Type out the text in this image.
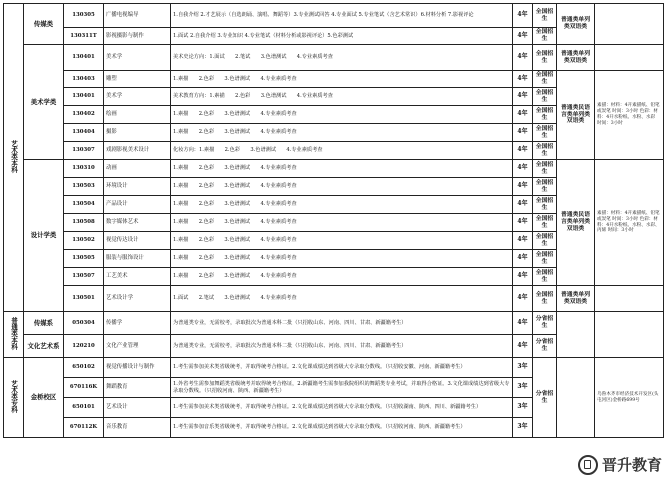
艺术类本科	传媒类	130305	广播电视编导	1.自我介绍 2.才艺展示（自选朗诵、演唱、舞蹈等）3.专业测试回答 4.专业面试 5.专业笔试（含艺术常识）6.材料分析 7.影视评论	4年	全国招生	普通类单列类双语类	
		130311T	影视摄影与制作	1.面试 2.自我介绍 3.专业知识 4.专业笔试（材料分析或影视评论）5.色彩测试	4年	全国招生		
	美术学类	130401	美术学	美术史论方向：1.面试　　2.笔试　　3.色谱测试　　4.专业素质考查	4年	全国招生	普通类单列类双语类	
		130403	雕塑	1.素描　　2.色彩　　3.色谱测试　　4.专业素质考查	4年	全国招生	普通类民语言类单列类双语类	素描：材料：4开素描纸、铅笔或炭笔 时间：3小时 色彩：材料：4开水粉纸、水粉、水彩 时间：3小时
		130401	美术学	美术教育方向：1.素描　　2.色彩　　3.色谱测试　　4.专业素质考查	4年	全国招生		
		130402	绘画	1.素描　　2.色彩　　3.色谱测试　　4.专业素质考查	4年	全国招生		
		130404	摄影	1.素描　　2.色彩　　3.色谱测试　　4.专业素质考查	4年	全国招生		
		130307	戏剧影视美术设计	化妆方向：1.素描　　2.色彩　　3.色谱测试　　4.专业素质考查	4年	全国招生		
	设计学类	130310	动画	1.素描　　2.色彩　　3.色谱测试　　4.专业素质考查	4年	全国招生	普通类民语言类单列类双语类	素描：材料：4开素描纸、铅笔或炭笔 时间：3小时 色彩：材料：4开水粉纸、水粉、水彩、丙烯 时间：3小时
		130503	环境设计	1.素描　　2.色彩　　3.色谱测试　　4.专业素质考查	4年	全国招生		
		130504	产品设计	1.素描　　2.色彩　　3.色谱测试　　4.专业素质考查	4年	全国招生		
		130508	数字媒体艺术	1.素描　　2.色彩　　3.色谱测试　　4.专业素质考查	4年	全国招生		
		130502	视觉传达设计	1.素描　　2.色彩　　3.色谱测试　　4.专业素质考查	4年	全国招生		
		130505	服装与服饰设计	1.素描　　2.色彩　　3.色谱测试　　4.专业素质考查	4年	全国招生		
		130507	工艺美术	1.素描　　2.色彩　　3.色谱测试　　4.专业素质考查	4年	全国招生		
		130501	艺术设计学	1.面试　　2.笔试　　3.色谱测试　　4.专业素质考查	4年	全国招生	普通类单列类双语类	
普通类本科	传媒系	050304	传播学	为普通类专业，无需校考，录取批次为普通本科二批（只招收山东、河南、四川、甘肃、新疆籍考生）	4年	分省招生		
	文化艺术系	120210	文化产业管理	为普通类专业，无需校考，录取批次为普通本科二批（只招收山东、河南、四川、甘肃、新疆籍考生）	4年	分省招生		
艺术类专科	金桥校区	650102	视觉传播设计与制作	1.考生需参加美术类省级统考，并取得统考合格证。2.文化课成绩达到省级大专录取分数线。（只招收安徽、河南、新疆籍考生）	3年	分省招生		乌鲁木齐市经济技术开发区(头屯河区)金桥路699号
		670116K	舞蹈教育	1.外省考生需参加舞蹈类省级统考并取得统考合格证，2.新疆籍考生需参加我院组织的舞蹈类专业考试，并取得合格证。3.文化课成绩达到省级大专录取分数线。（只招收河南、陕西、新疆籍考生）	3年			
		650101	艺术设计	1.考生需参加美术类省级统考，并取得统考合格证。2.文化课成绩达到省级大专录取分数线。（只招收湖南、陕西、四川、新疆籍考生）	3年			
		670112K	音乐教育	1.考生需参加音乐类省级统考，并取得统考合格证。2.文化课成绩达到省级大专录取分数线。（只招收河南、陕西、新疆籍考生）	3年			
晋升教育
